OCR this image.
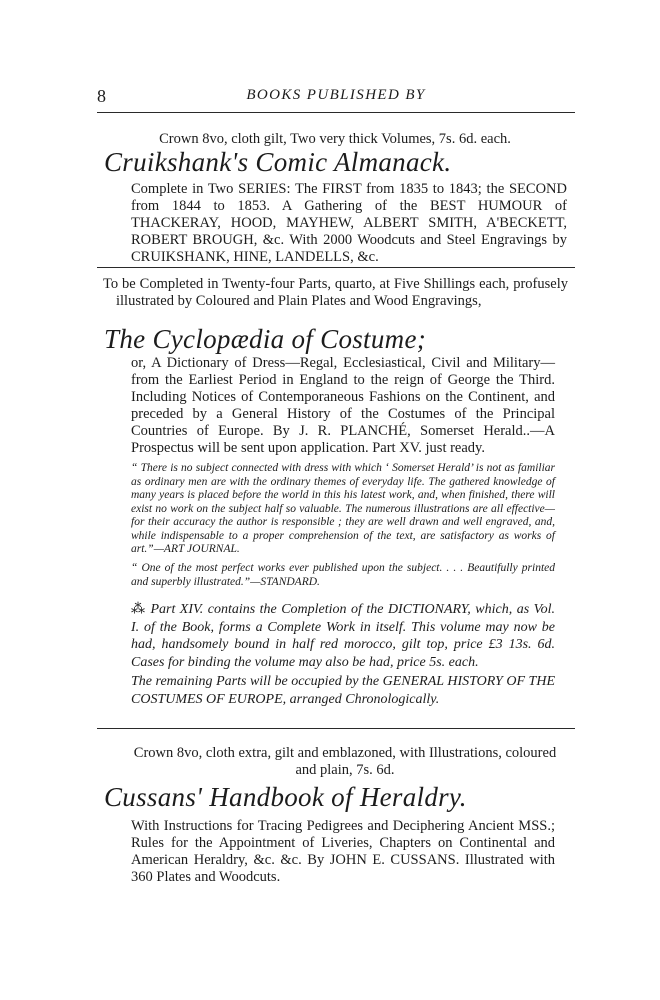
8	BOOKS PUBLISHED BY

Crown 8vo, cloth gilt, Two very thick Volumes, 7s. 6d. each.

Cruikshank's Comic Almanack.

Complete in Two SERIES: The FIRST from 1835 to 1843; the SECOND from 1844 to 1853. A Gathering of the BEST HUMOUR of THACKERAY, HOOD, MAYHEW, ALBERT SMITH, A'BECKETT, ROBERT BROUGH, &c. With 2000 Woodcuts and Steel Engravings by CRUIKSHANK, HINE, LANDELLS, &c.

To be Completed in Twenty-four Parts, quarto, at Five Shillings each, profusely illustrated by Coloured and Plain Plates and Wood Engravings,

The Cyclopædia of Costume;

or, A Dictionary of Dress—Regal, Ecclesiastical, Civil and Military—from the Earliest Period in England to the reign of George the Third. Including Notices of Contemporaneous Fashions on the Continent, and preceded by a General History of the Costumes of the Principal Countries of Europe. By J. R. PLANCHÉ, Somerset Herald..—A Prospectus will be sent upon application. Part XV. just ready.

“ There is no subject connected with dress with which ‘ Somerset Herald’ is not as familiar as ordinary men are with the ordinary themes of everyday life. The gathered knowledge of many years is placed before the world in this his latest work, and, when finished, there will exist no work on the subject half so valuable. The numerous illustrations are all effective—for their accuracy the author is responsible ; they are well drawn and well engraved, and, while indispensable to a proper comprehension of the text, are satisfactory as works of art.”—ART JOURNAL.

“ One of the most perfect works ever published upon the subject. . . . Beautifully printed and superbly illustrated.”—STANDARD.

⁂ Part XIV. contains the Completion of the DICTIONARY, which, as Vol. I. of the Book, forms a Complete Work in itself. This volume may now be had, handsomely bound in half red morocco, gilt top, price £3 13s. 6d. Cases for binding the volume may also be had, price 5s. each.

The remaining Parts will be occupied by the GENERAL HISTORY OF THE COSTUMES OF EUROPE, arranged Chronologically.

Crown 8vo, cloth extra, gilt and emblazoned, with Illustrations, coloured and plain, 7s. 6d.

Cussans' Handbook of Heraldry.

With Instructions for Tracing Pedigrees and Deciphering Ancient MSS.; Rules for the Appointment of Liveries, Chapters on Continental and American Heraldry, &c. &c. By JOHN E. CUSSANS. Illustrated with 360 Plates and Woodcuts.
